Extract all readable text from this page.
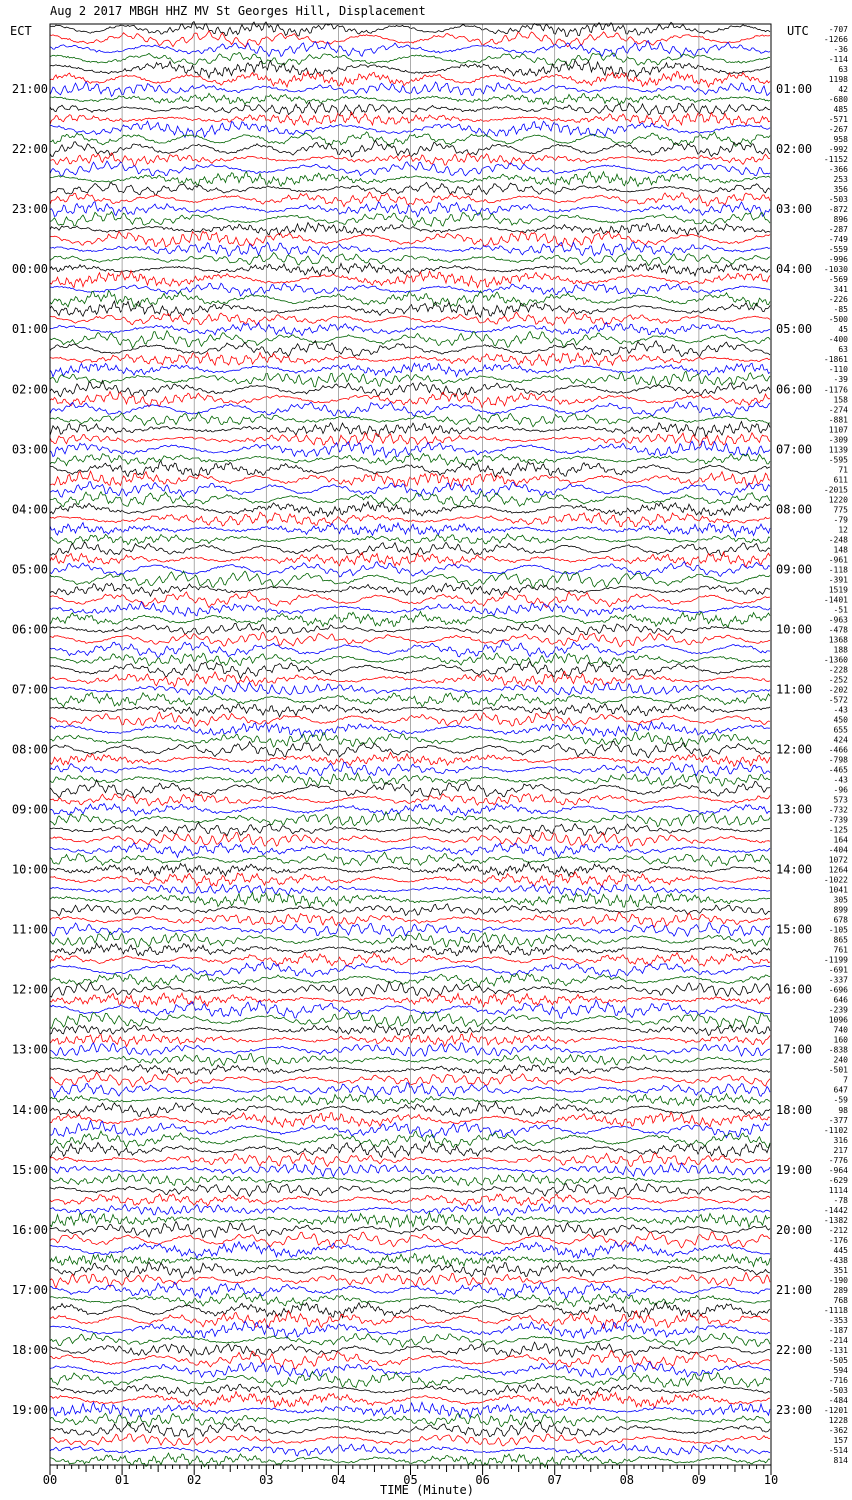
Aug 2 2017 MBGH HHZ MV St Georges Hill, Displacement
ECT	UTC
TIME (Minute)
00	01	02	03	04	05	06	07	08	09	10
21:00
22:00
23:00
00:00
01:00
02:00
03:00
04:00
05:00
06:00
07:00
08:00
09:00
10:00
11:00
12:00
13:00
14:00
15:00
16:00
17:00
18:00
19:00
01:00
02:00
03:00
04:00
05:00
06:00
07:00
08:00
09:00
10:00
11:00
12:00
13:00
14:00
15:00
16:00
17:00
18:00
19:00
20:00
21:00
22:00
23:00
-707
-1266
-36
-114
63
1198
42
-680
485
-571
-267
958
-992
-1152
-366
253
356
-503
-872
896
-287
-749
-559
-996
-1030
-569
341
-226
-85
-500
45
-400
63
-1861
-110
-39
-1176
158
-274
-881
1107
-309
1139
-595
71
611
-2015
1220
775
-79
12
-248
148
-961
-118
-391
1519
-1401
-51
-963
-478
1368
188
-1360
-228
-252
-202
-572
-43
450
655
424
-466
-798
-465
-43
-96
573
-732
-739
-125
164
-404
1072
1264
-1022
1041
305
899
678
-105
865
761
-1199
-691
-337
-696
646
-239
1096
740
160
-838
240
-501
7
647
-59
98
-377
-1102
316
217
-776
-964
-629
1114
-78
-1442
-1382
-212
-176
445
-438
351
-190
289
768
-1118
-353
-187
-214
-131
-505
594
-716
-503
-484
-1201
1228
-362
157
-514
814
